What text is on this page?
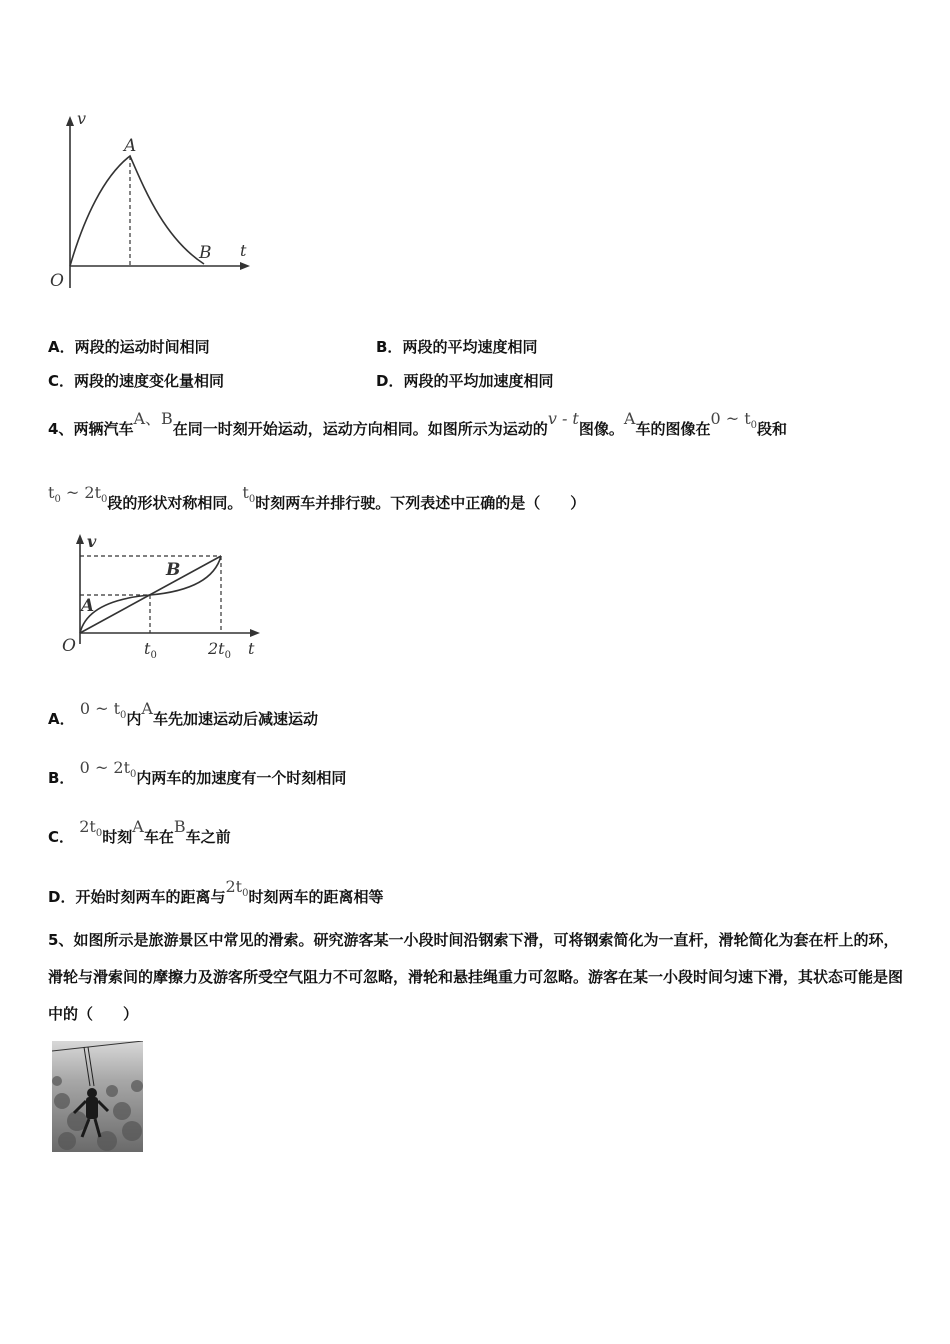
v
t
O
A
B
A．两段的运动时间相同	B．两段的平均速度相同
C．两段的速度变化量相同	D．两段的平均加速度相同
4、两辆汽车A、B在同一时刻开始运动，运动方向相同。如图所示为运动的v - t图像。A车的图像在0 ~ $t_0$段和
$t_0$ ~ $2t_0$段的形状对称相同。$t_0$时刻两车并排行驶。下列表述中正确的是（　　）
v
t
O
A
B
$t_0$	$2t_0$
A． 0 ~ $t_0$内A车先加速运动后减速运动
B． 0 ~ $2t_0$内两车的加速度有一个时刻相同
C． $2t_0$时刻A车在B车之前
D．开始时刻两车的距离与$2t_0$时刻两车的距离相等
5、如图所示是旅游景区中常见的滑索。研究游客某一小段时间沿钢索下滑，可将钢索简化为一直杆，滑轮简化为套在杆上的环，滑轮与滑索间的摩擦力及游客所受空气阻力不可忽略，滑轮和悬挂绳重力可忽略。游客在某一小段时间匀速下滑，其状态可能是图中的（　　）
